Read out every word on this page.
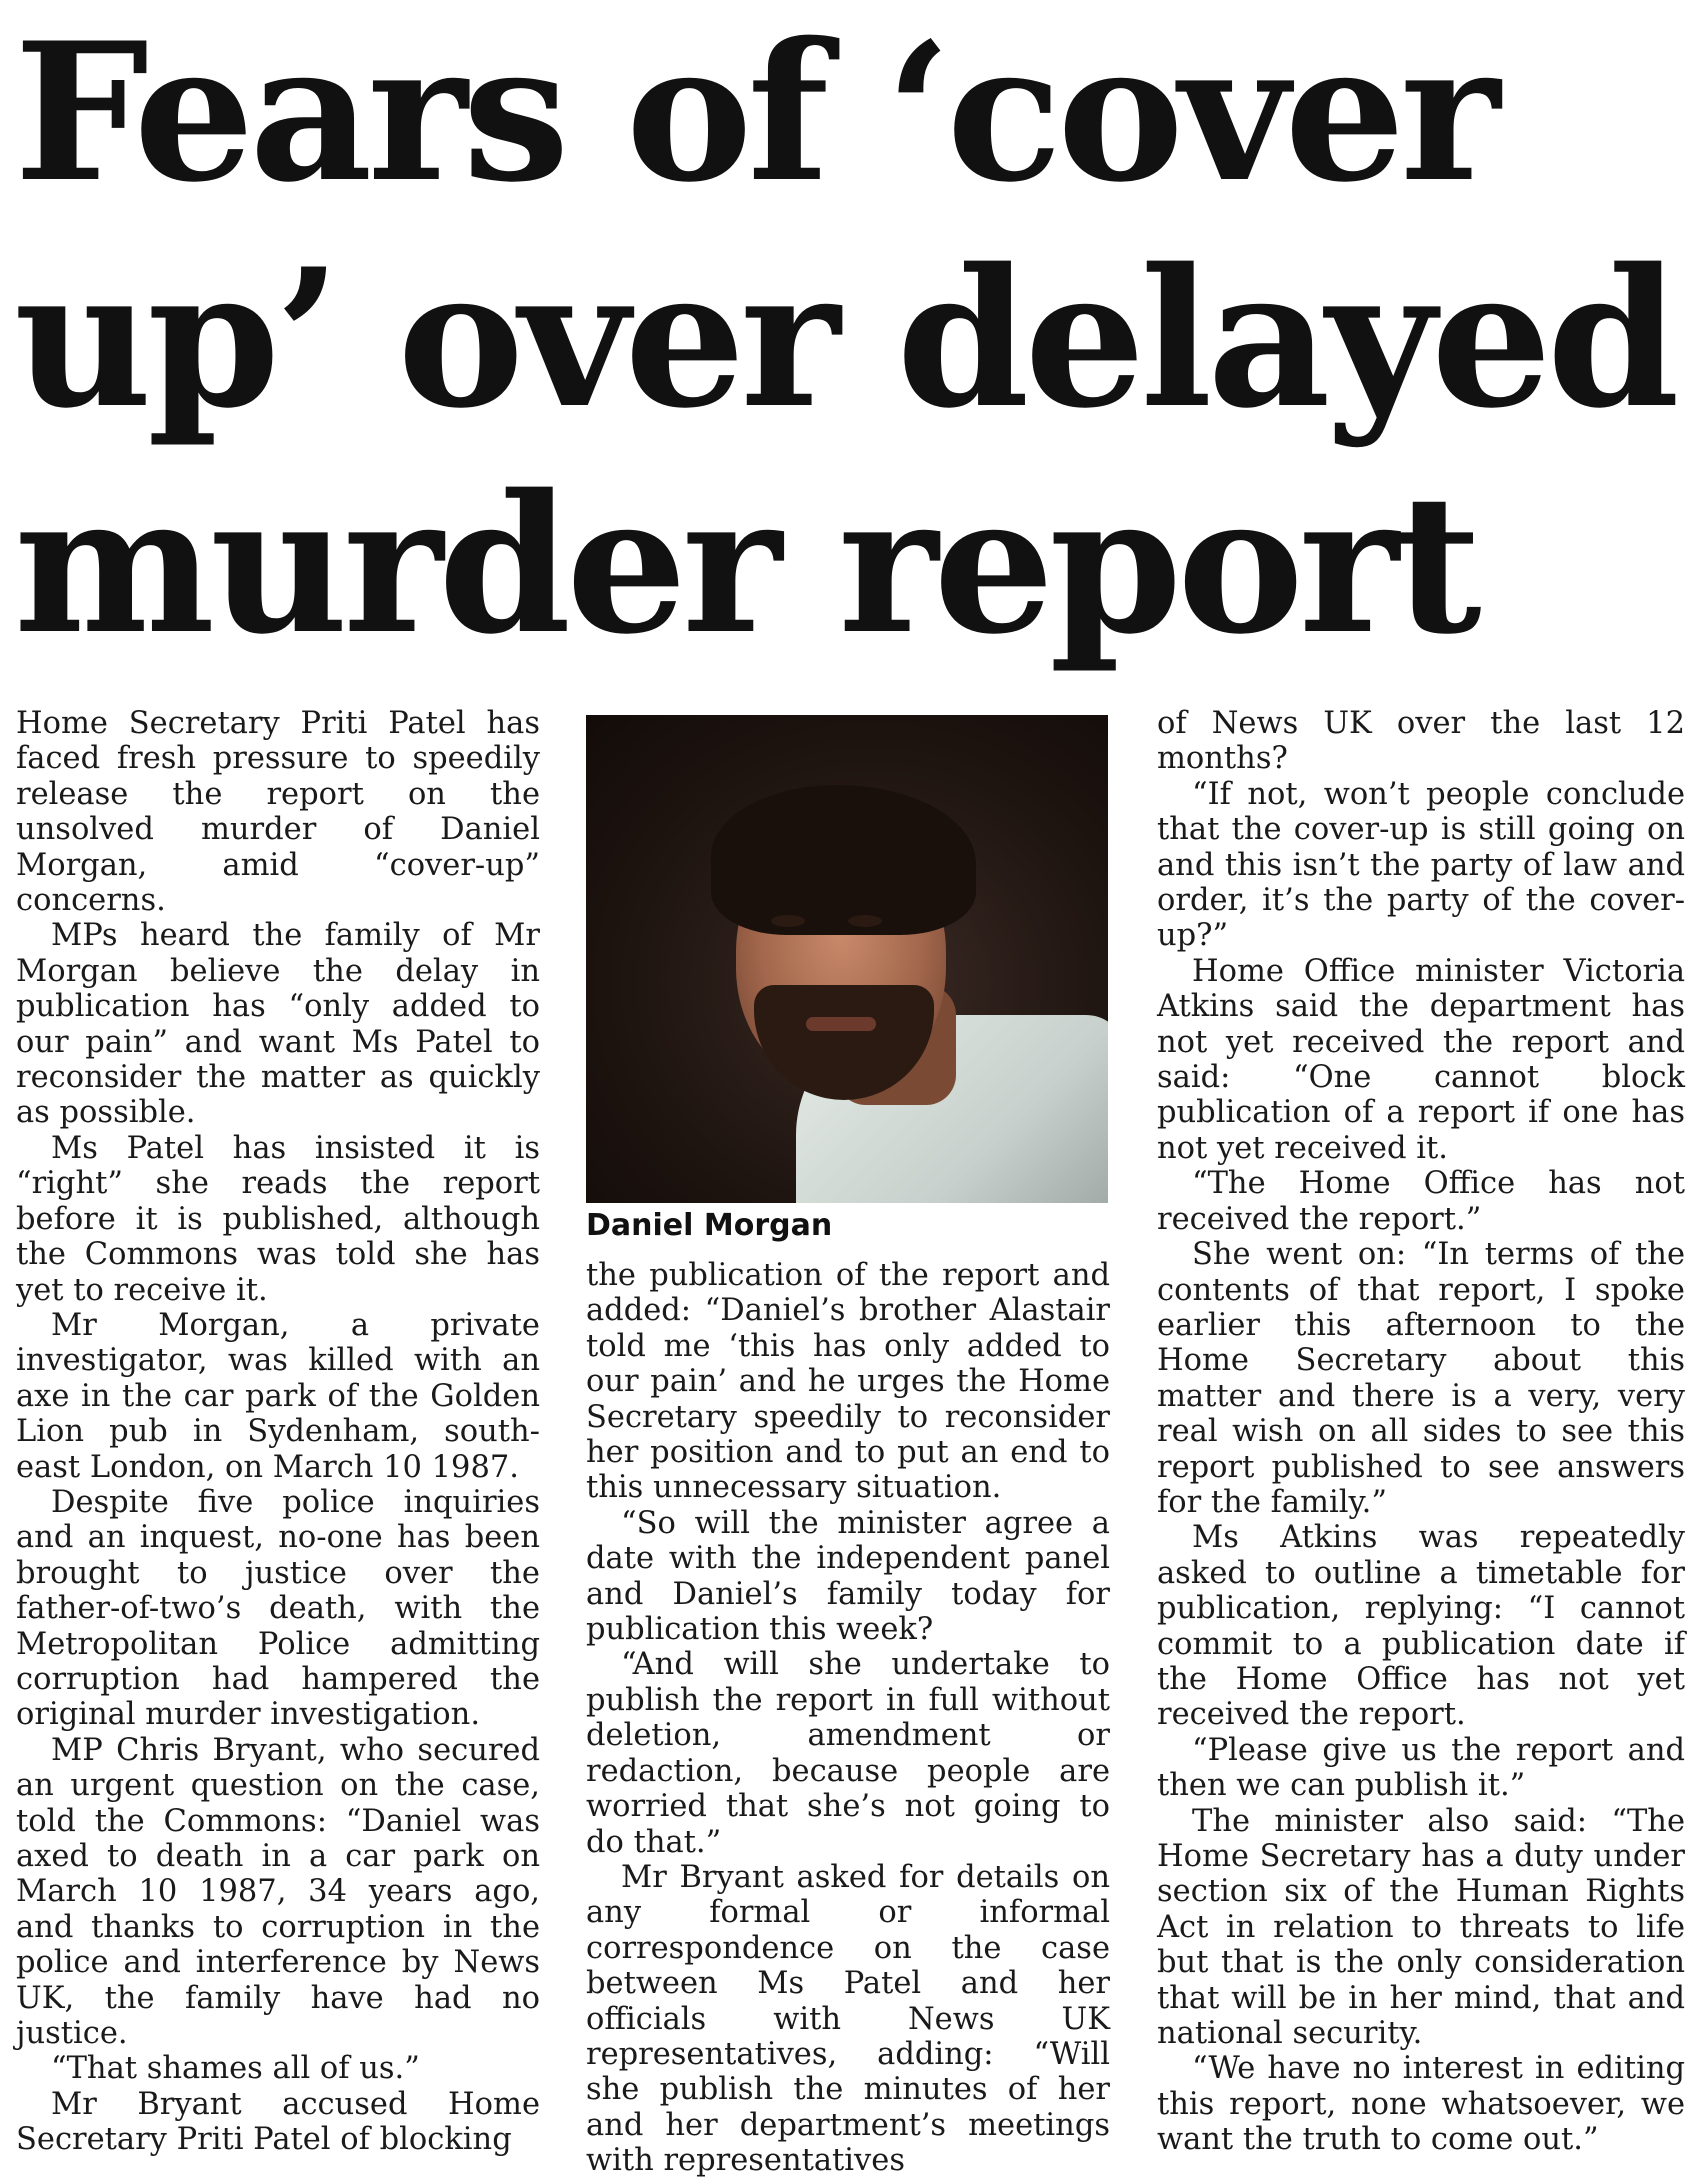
Fears of ‘cover
up’ over delayed
murder report

Home Secretary Priti Patel has faced fresh pressure to speedily release the report on the unsolved murder of Daniel Morgan, amid “cover-up” concerns.

MPs heard the family of Mr Morgan believe the delay in publication has “only added to our pain” and want Ms Patel to reconsider the matter as quickly as possible.

Ms Patel has insisted it is “right” she reads the report before it is published, although the Commons was told she has yet to receive it.

Mr Morgan, a private investigator, was killed with an axe in the car park of the Golden Lion pub in Sydenham, south-east London, on March 10 1987.

Despite five police inquiries and an inquest, no-one has been brought to justice over the father-of-two’s death, with the Metropolitan Police admitting corruption had hampered the original murder investigation.

MP Chris Bryant, who secured an urgent question on the case, told the Commons: “Daniel was axed to death in a car park on March 10 1987, 34 years ago, and thanks to corruption in the police and interference by News UK, the family have had no justice.

“That shames all of us.”

Mr Bryant accused Home Secretary Priti Patel of blocking

Daniel Morgan

the publication of the report and added: “Daniel’s brother Alastair told me ‘this has only added to our pain’ and he urges the Home Secretary speedily to reconsider her position and to put an end to this unnecessary situation.

“So will the minister agree a date with the independent panel and Daniel’s family today for publication this week?

“And will she undertake to publish the report in full without deletion, amendment or redaction, because people are worried that she’s not going to do that.”

Mr Bryant asked for details on any formal or informal correspondence on the case between Ms Patel and her officials with News UK representatives, adding: “Will she publish the minutes of her and her department’s meetings with representatives

of News UK over the last 12 months?

“If not, won’t people conclude that the cover-up is still going on and this isn’t the party of law and order, it’s the party of the cover-up?”

Home Office minister Victoria Atkins said the department has not yet received the report and said: “One cannot block publication of a report if one has not yet received it.

“The Home Office has not received the report.”

She went on: “In terms of the contents of that report, I spoke earlier this afternoon to the Home Secretary about this matter and there is a very, very real wish on all sides to see this report published to see answers for the family.”

Ms Atkins was repeatedly asked to outline a timetable for publication, replying: “I cannot commit to a publication date if the Home Office has not yet received the report.

“Please give us the report and then we can publish it.”

The minister also said: “The Home Secretary has a duty under section six of the Human Rights Act in relation to threats to life but that is the only consideration that will be in her mind, that and national security.

“We have no interest in editing this report, none whatsoever, we want the truth to come out.”
